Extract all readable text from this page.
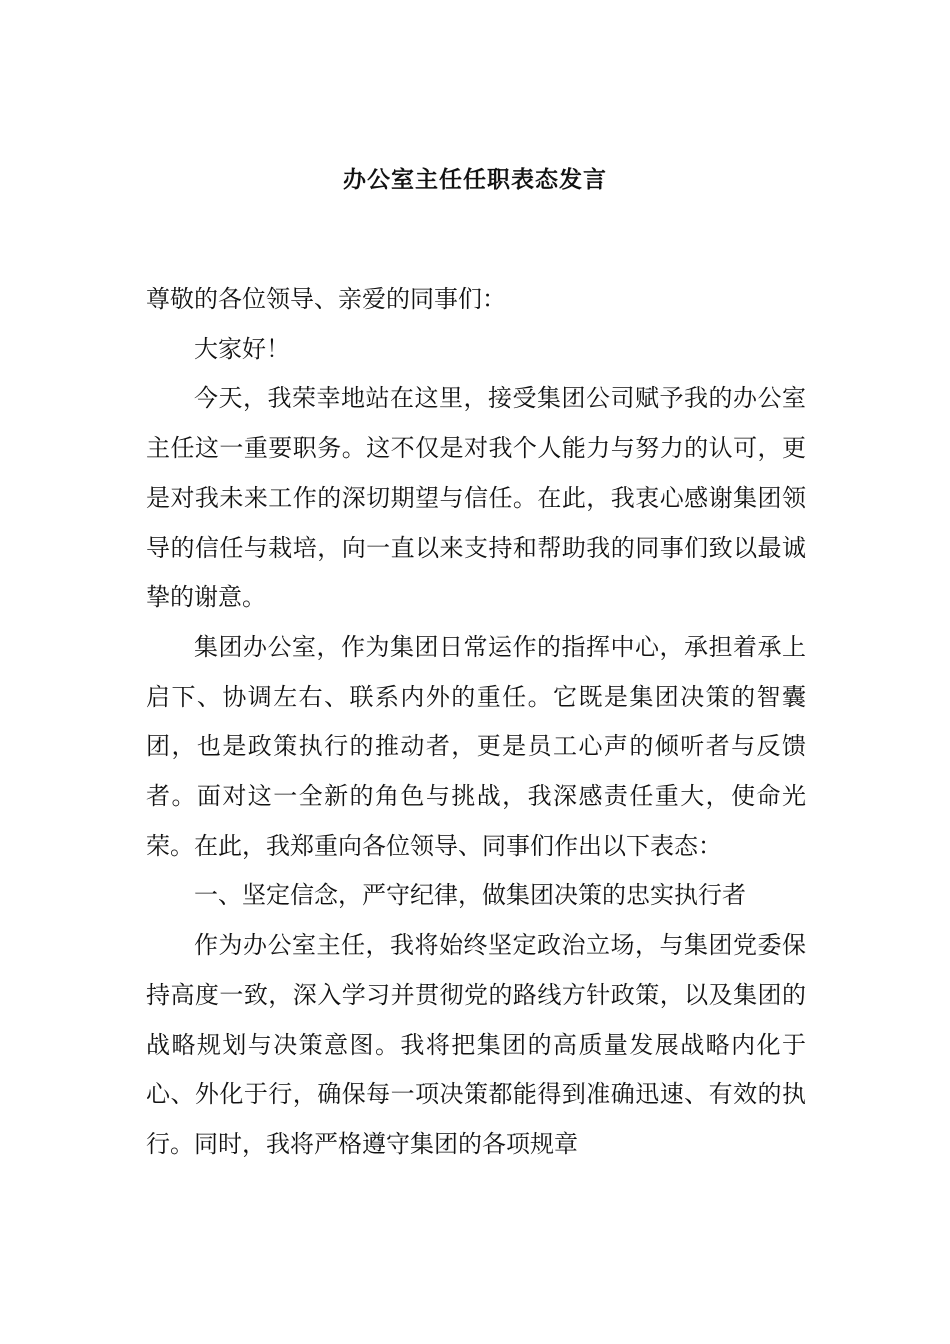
办公室主任任职表态发言

尊敬的各位领导、亲爱的同事们：

大家好！

今天，我荣幸地站在这里，接受集团公司赋予我的办公室主任这一重要职务。这不仅是对我个人能力与努力的认可，更是对我未来工作的深切期望与信任。在此，我衷心感谢集团领导的信任与栽培，向一直以来支持和帮助我的同事们致以最诚挚的谢意。

集团办公室，作为集团日常运作的指挥中心，承担着承上启下、协调左右、联系内外的重任。它既是集团决策的智囊团，也是政策执行的推动者，更是员工心声的倾听者与反馈者。面对这一全新的角色与挑战，我深感责任重大，使命光荣。在此，我郑重向各位领导、同事们作出以下表态：

一、坚定信念，严守纪律，做集团决策的忠实执行者

作为办公室主任，我将始终坚定政治立场，与集团党委保持高度一致，深入学习并贯彻党的路线方针政策，以及集团的战略规划与决策意图。我将把集团的高质量发展战略内化于心、外化于行，确保每一项决策都能得到准确迅速、有效的执行。同时，我将严格遵守集团的各项规章
